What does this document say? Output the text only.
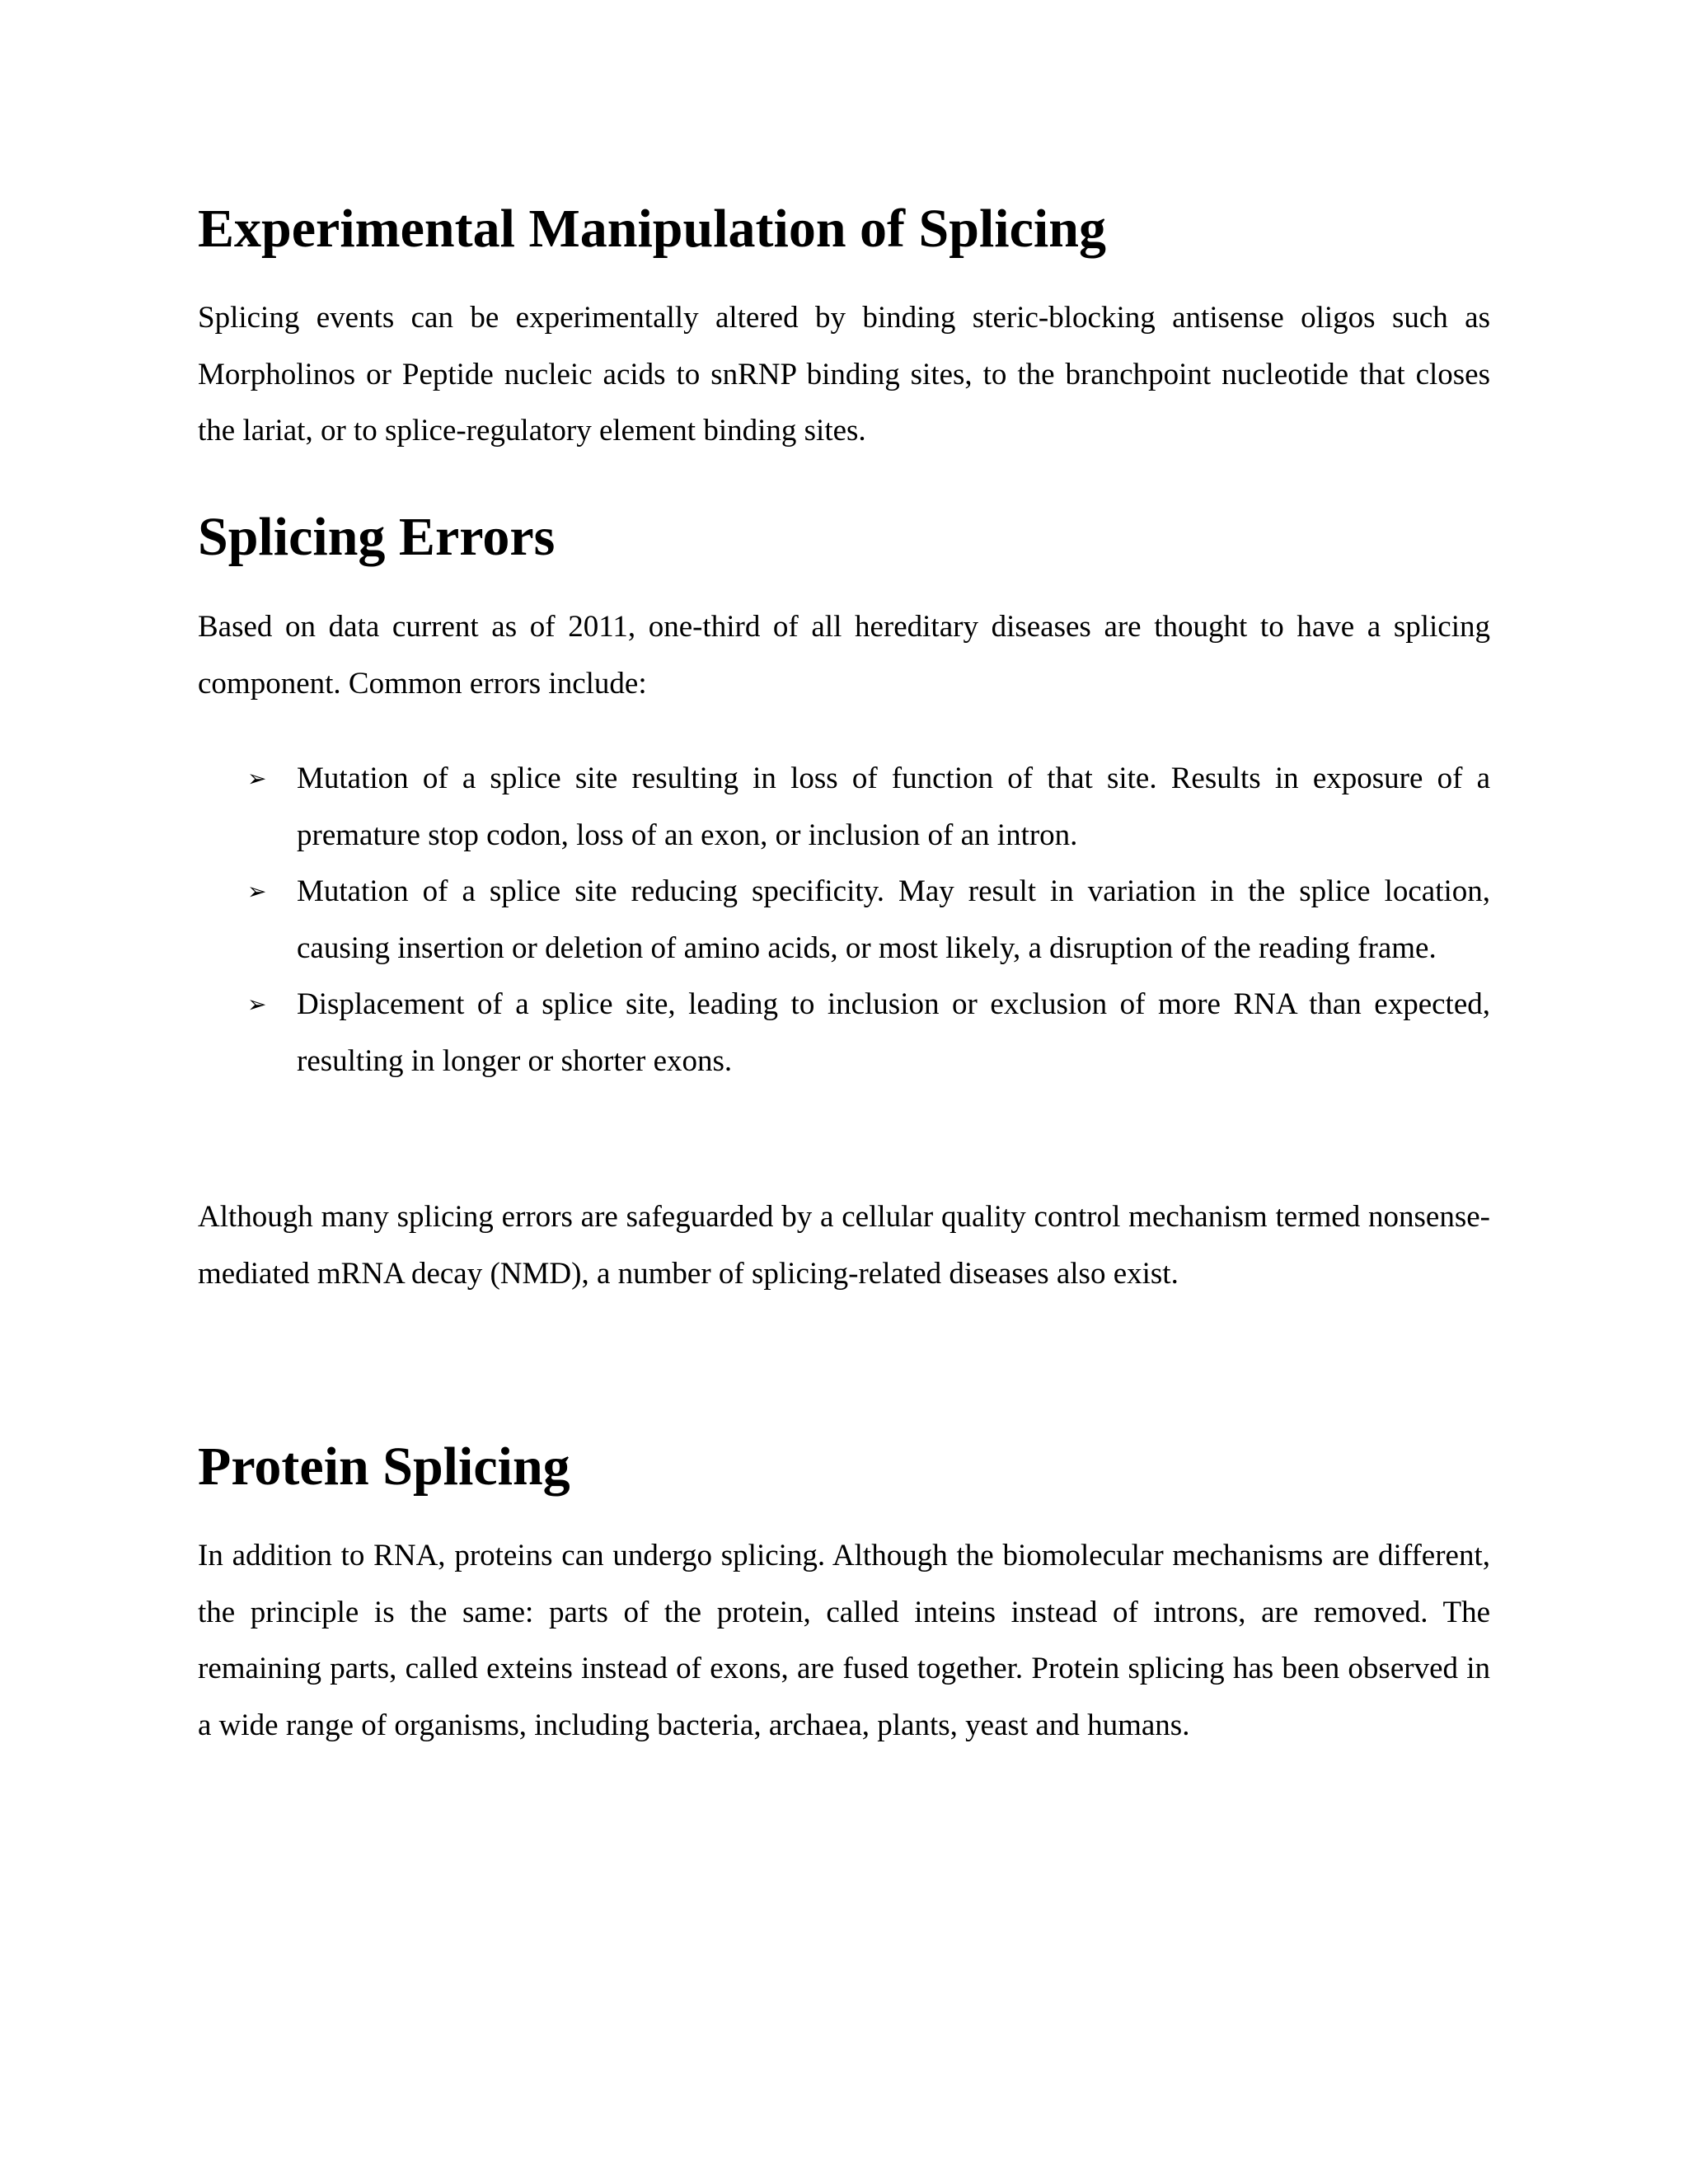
Experimental Manipulation of Splicing

Splicing events can be experimentally altered by binding steric-blocking antisense oligos such as Morpholinos or Peptide nucleic acids to snRNP binding sites, to the branchpoint nucleotide that closes the lariat, or to splice-regulatory element binding sites.

Splicing Errors

Based on data current as of 2011, one-third of all hereditary diseases are thought to have a splicing component. Common errors include:

➢ Mutation of a splice site resulting in loss of function of that site. Results in exposure of a premature stop codon, loss of an exon, or inclusion of an intron.
➢ Mutation of a splice site reducing specificity. May result in variation in the splice location, causing insertion or deletion of amino acids, or most likely, a disruption of the reading frame.
➢ Displacement of a splice site, leading to inclusion or exclusion of more RNA than expected, resulting in longer or shorter exons.

Although many splicing errors are safeguarded by a cellular quality control mechanism termed nonsense-mediated mRNA decay (NMD), a number of splicing-related diseases also exist.

Protein Splicing

In addition to RNA, proteins can undergo splicing. Although the biomolecular mechanisms are different, the principle is the same: parts of the protein, called inteins instead of introns, are removed. The remaining parts, called exteins instead of exons, are fused together. Protein splicing has been observed in a wide range of organisms, including bacteria, archaea, plants, yeast and humans.
